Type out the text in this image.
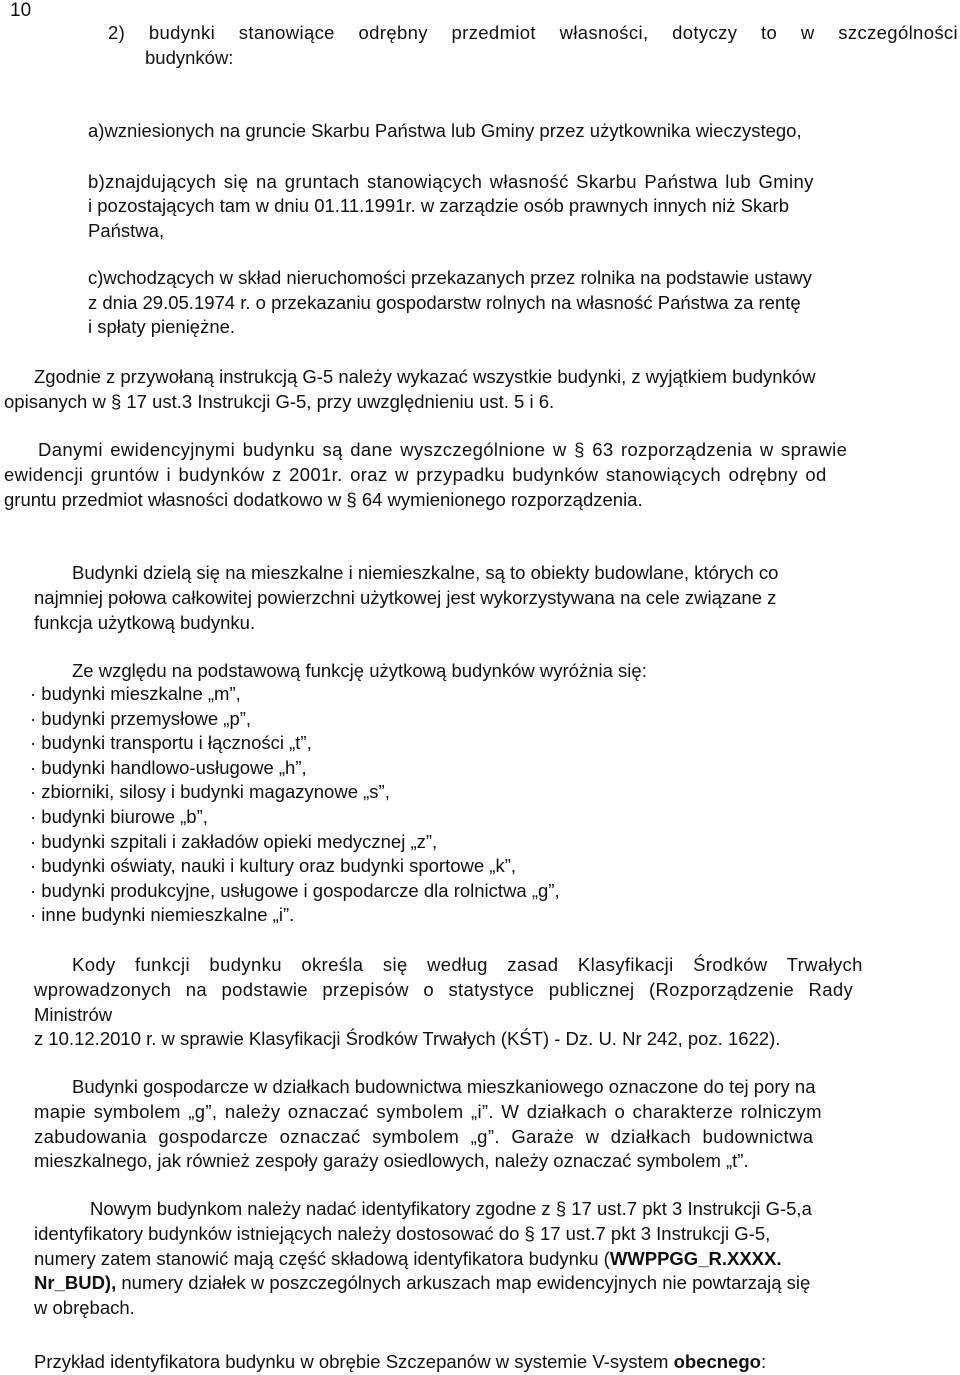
10
2) budynki stanowiące odrębny przedmiot własności, dotyczy to w szczególności
budynków:
a)wzniesionych na gruncie Skarbu Państwa lub Gminy przez użytkownika wieczystego,
b)znajdujących się na gruntach stanowiących własność Skarbu Państwa lub Gminy
i pozostających tam w dniu 01.11.1991r. w zarządzie osób prawnych innych niż Skarb
Państwa,
c)wchodzących w skład nieruchomości przekazanych przez rolnika na podstawie ustawy
z dnia 29.05.1974 r. o przekazaniu gospodarstw rolnych na własność Państwa za rentę
i spłaty pieniężne.
Zgodnie z przywołaną instrukcją G-5 należy wykazać wszystkie budynki, z wyjątkiem budynków
opisanych w § 17 ust.3 Instrukcji G-5, przy uwzględnieniu ust. 5 i 6.
Danymi ewidencyjnymi budynku są dane wyszczególnione w § 63 rozporządzenia w sprawie
ewidencji gruntów i budynków z 2001r. oraz w przypadku budynków stanowiących odrębny od
gruntu przedmiot własności dodatkowo w § 64 wymienionego rozporządzenia.
Budynki dzielą się na mieszkalne i niemieszkalne, są to obiekty budowlane, których co
najmniej połowa całkowitej powierzchni użytkowej jest wykorzystywana na cele związane z
funkcja użytkową budynku.
Ze względu na podstawową funkcję użytkową budynków wyróżnia się:
· budynki mieszkalne „m”,
· budynki przemysłowe „p”,
· budynki transportu i łączności „t”,
· budynki handlowo-usługowe „h”,
· zbiorniki, silosy i budynki magazynowe „s”,
· budynki biurowe „b”,
· budynki szpitali i zakładów opieki medycznej „z”,
· budynki oświaty, nauki i kultury oraz budynki sportowe „k”,
· budynki produkcyjne, usługowe i gospodarcze dla rolnictwa „g”,
· inne budynki niemieszkalne „i”.
Kody funkcji budynku określa się według zasad Klasyfikacji Środków Trwałych
wprowadzonych na podstawie przepisów o statystyce publicznej (Rozporządzenie Rady
Ministrów
z 10.12.2010 r. w sprawie Klasyfikacji Środków Trwałych (KŚT) - Dz. U. Nr 242, poz. 1622).
Budynki gospodarcze w działkach budownictwa mieszkaniowego oznaczone do tej pory na
mapie symbolem „g”, należy oznaczać symbolem „i”. W działkach o charakterze rolniczym
zabudowania gospodarcze oznaczać symbolem „g”. Garaże w działkach budownictwa
mieszkalnego, jak również zespoły garaży osiedlowych, należy oznaczać symbolem „t”.
Nowym budynkom należy nadać identyfikatory zgodne z § 17 ust.7 pkt 3 Instrukcji G-5,a
identyfikatory budynków istniejących należy dostosować do § 17 ust.7 pkt 3 Instrukcji G-5,
numery zatem stanowić mają część składową identyfikatora budynku (WWPPGG_R.XXXX.
Nr_BUD), numery działek w poszczególnych arkuszach map ewidencyjnych nie powtarzają się
w obrębach.
Przykład identyfikatora budynku w obrębie Szczepanów w systemie V-system obecnego:
